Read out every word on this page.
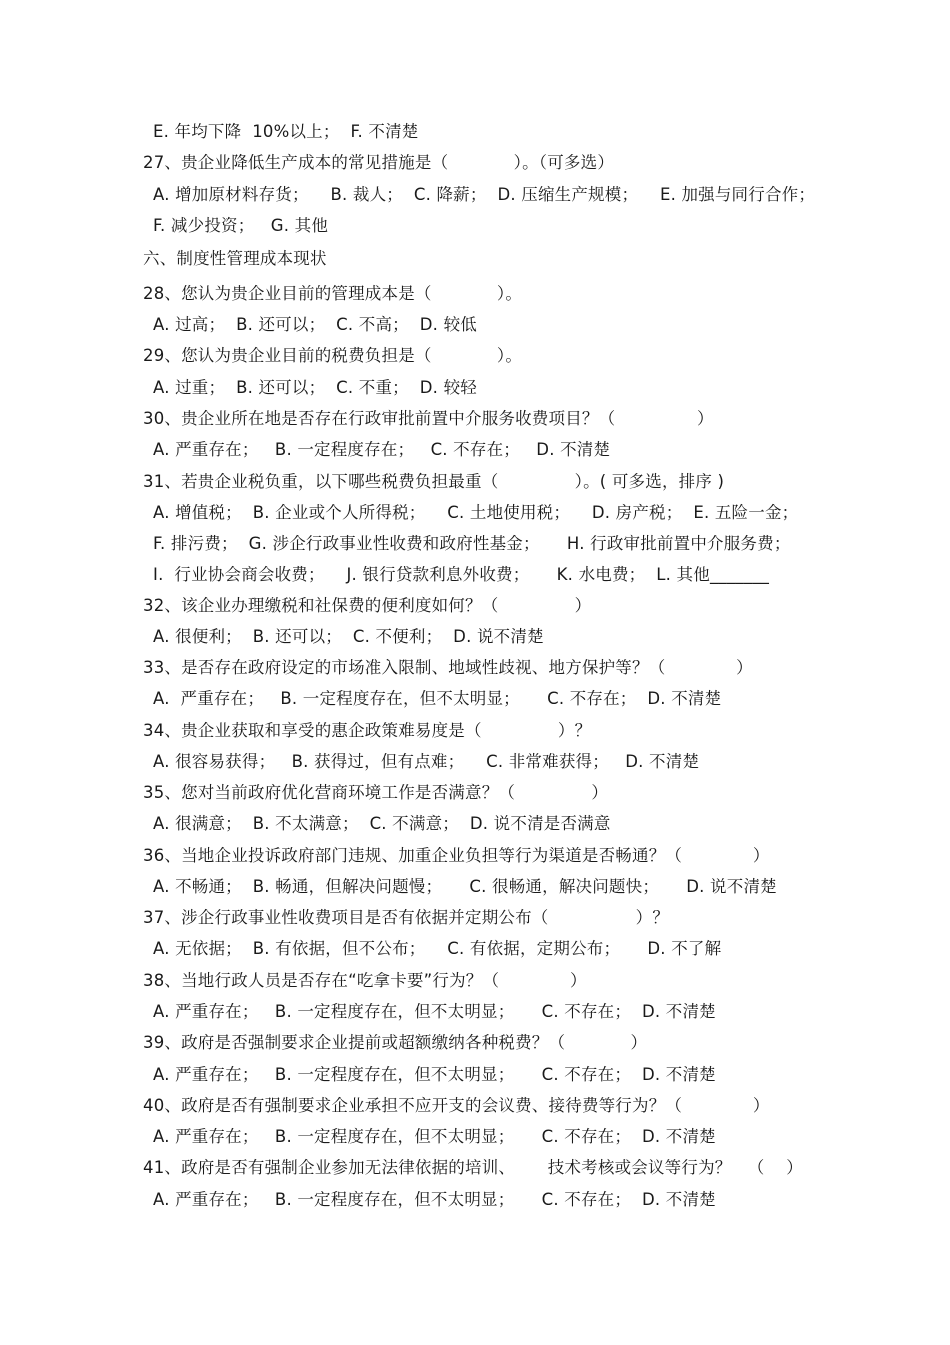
E. 年均下降  10%以上；  F. 不清楚
27、贵企业降低生产成本的常见措施是（            ）。（可多选）
A. 增加原材料存货；    B. 裁人；  C. 降薪；  D. 压缩生产规模；    E. 加强与同行合作；
F. 减少投资；   G. 其他
六、制度性管理成本现状
28、您认为贵企业目前的管理成本是（            ）。
A. 过高；  B. 还可以；  C. 不高；  D. 较低
29、您认为贵企业目前的税费负担是（            ）。
A. 过重；  B. 还可以；  C. 不重；  D. 较轻
30、贵企业所在地是否存在行政审批前置中介服务收费项目？（               ）
A. 严重存在；   B. 一定程度存在；   C. 不存在；   D. 不清楚
31、若贵企业税负重，以下哪些税费负担最重（              ）。( 可多选，排序 )
A. 增值税；  B. 企业或个人所得税；    C. 土地使用税；    D. 房产税；  E. 五险一金；
F. 排污费；  G. 涉企行政事业性收费和政府性基金；     H. 行政审批前置中介服务费；
I.  行业协会商会收费；    J. 银行贷款利息外收费；     K. 水电费；  L. 其他_______
32、该企业办理缴税和社保费的便利度如何？（              ）
A. 很便利；  B. 还可以；  C. 不便利；  D. 说不清楚
33、是否存在政府设定的市场准入限制、地域性歧视、地方保护等？（             ）
A.  严重存在；   B. 一定程度存在，但不太明显；     C. 不存在；  D. 不清楚
34、贵企业获取和享受的惠企政策难易度是（              ）？
A. 很容易获得；   B. 获得过，但有点难；    C. 非常难获得；   D. 不清楚
35、您对当前政府优化营商环境工作是否满意？（              ）
A. 很满意；  B. 不太满意；  C. 不满意；  D. 说不清是否满意
36、当地企业投诉政府部门违规、加重企业负担等行为渠道是否畅通？（             ）
A. 不畅通；  B. 畅通，但解决问题慢；     C. 很畅通，解决问题快；     D. 说不清楚
37、涉企行政事业性收费项目是否有依据并定期公布（                ）？
A. 无依据；  B. 有依据，但不公布；    C. 有依据，定期公布；     D. 不了解
38、当地行政人员是否存在“吃拿卡要”行为？（             ）
A. 严重存在；   B. 一定程度存在，但不太明显；     C. 不存在；  D. 不清楚
39、政府是否强制要求企业提前或超额缴纳各种税费？（            ）
A. 严重存在；   B. 一定程度存在，但不太明显；     C. 不存在；  D. 不清楚
40、政府是否有强制要求企业承担不应开支的会议费、接待费等行为？（             ）
A. 严重存在；   B. 一定程度存在，但不太明显；     C. 不存在；  D. 不清楚
41、政府是否有强制企业参加无法律依据的培训、      技术考核或会议等行为？   （    ）
A. 严重存在；   B. 一定程度存在，但不太明显；     C. 不存在；  D. 不清楚
